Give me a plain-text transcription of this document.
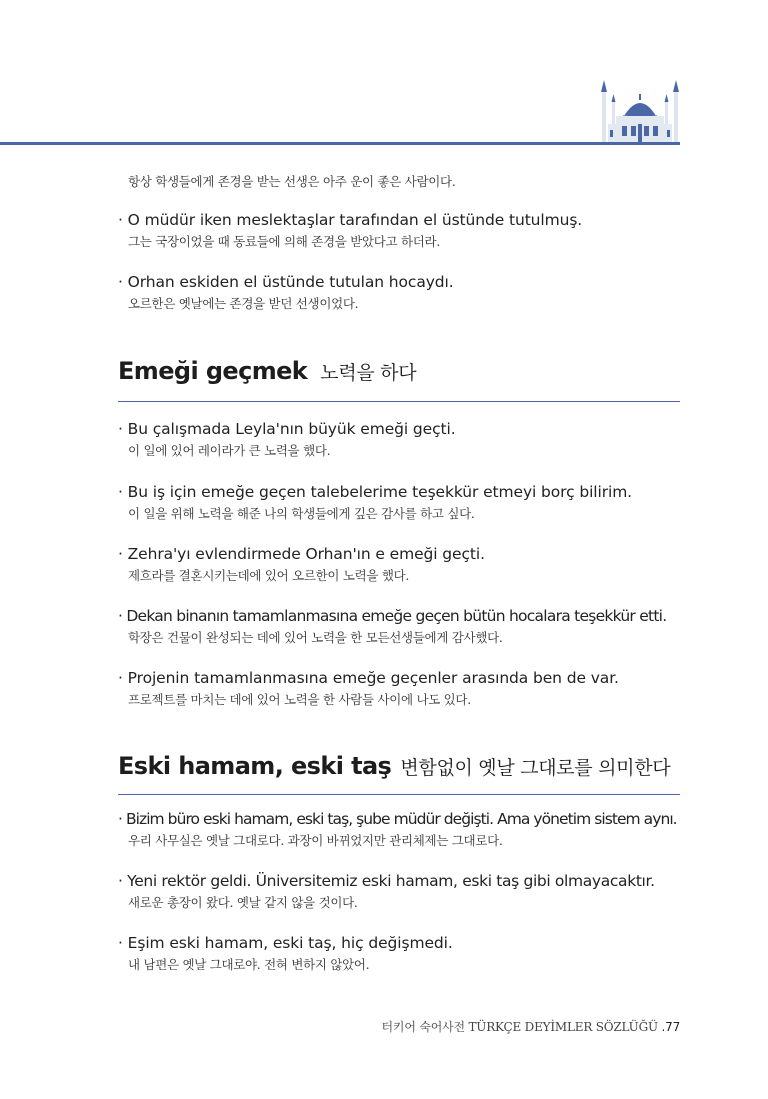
항상 학생들에게 존경을 받는 선생은 아주 운이 좋은 사람이다.
· O müdür iken meslektaşlar tarafından el üstünde tutulmuş.
그는 국장이었을 때 동료들에 의해 존경을 받았다고 하더라.
· Orhan eskiden el üstünde tutulan hocaydı.
오르한은 옛날에는 존경을 받던 선생이었다.
Emeği geçmek 노력을 하다
· Bu çalışmada Leyla'nın büyük emeği geçti.
이 일에 있어 레이라가 큰 노력을 했다.
· Bu iş için emeğe geçen talebelerime teşekkür etmeyi borç bilirim.
이 일을 위해 노력을 해준 나의 학생들에게 깊은 감사를 하고 싶다.
· Zehra'yı evlendirmede Orhan'ın e emeği geçti.
제흐라를 결혼시키는데에 있어 오르한이 노력을 했다.
· Dekan binanın tamamlanmasına emeğe geçen bütün hocalara teşekkür etti.
학장은 건물이 완성되는 데에 있어 노력을 한 모든선생들에게 감사했다.
· Projenin tamamlanmasına emeğe geçenler arasında ben de var.
프로젝트를 마치는 데에 있어 노력을 한 사람들 사이에 나도 있다.
Eski hamam, eski taş 변함없이 옛날 그대로를 의미한다
· Bizim büro eski hamam, eski taş, şube müdür değişti. Ama yönetim sistem aynı.
우리 사무실은 옛날 그대로다. 과장이 바뀌었지만 관리체제는 그대로다.
· Yeni rektör geldi. Üniversitemiz eski hamam, eski taş gibi olmayacaktır.
새로운 총장이 왔다. 옛날 같지 않을 것이다.
· Eşim eski hamam, eski taş, hiç değişmedi.
내 남편은 옛날 그대로야. 전혀 변하지 않았어.
터키어 숙어사전 TÜRKÇE DEYİMLER SÖZLÜĞÜ .77
